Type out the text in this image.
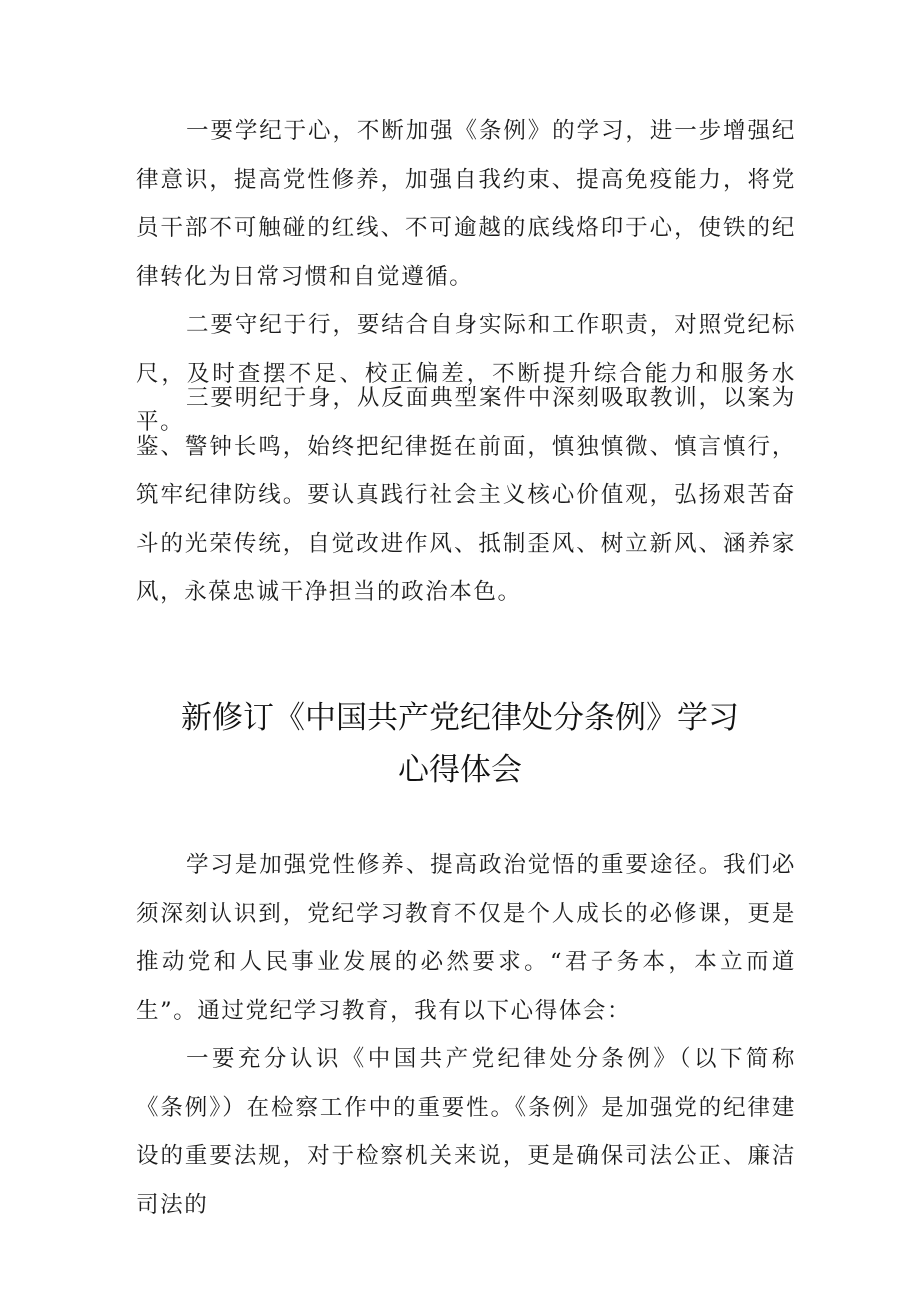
一要学纪于心，不断加强《条例》的学习，进一步增强纪律意识，提高党性修养，加强自我约束、提高免疫能力，将党员干部不可触碰的红线、不可逾越的底线烙印于心，使铁的纪律转化为日常习惯和自觉遵循。

二要守纪于行，要结合自身实际和工作职责，对照党纪标尺，及时查摆不足、校正偏差，不断提升综合能力和服务水平。

三要明纪于身，从反面典型案件中深刻吸取教训，以案为鉴、警钟长鸣，始终把纪律挺在前面，慎独慎微、慎言慎行，筑牢纪律防线。要认真践行社会主义核心价值观，弘扬艰苦奋斗的光荣传统，自觉改进作风、抵制歪风、树立新风、涵养家风，永葆忠诚干净担当的政治本色。

新修订《中国共产党纪律处分条例》学习
心得体会

学习是加强党性修养、提高政治觉悟的重要途径。我们必须深刻认识到，党纪学习教育不仅是个人成长的必修课，更是推动党和人民事业发展的必然要求。“君子务本，本立而道生”。通过党纪学习教育，我有以下心得体会：

一要充分认识《中国共产党纪律处分条例》（以下简称《条例》）在检察工作中的重要性。《条例》是加强党的纪律建设的重要法规，对于检察机关来说，更是确保司法公正、廉洁司法的
